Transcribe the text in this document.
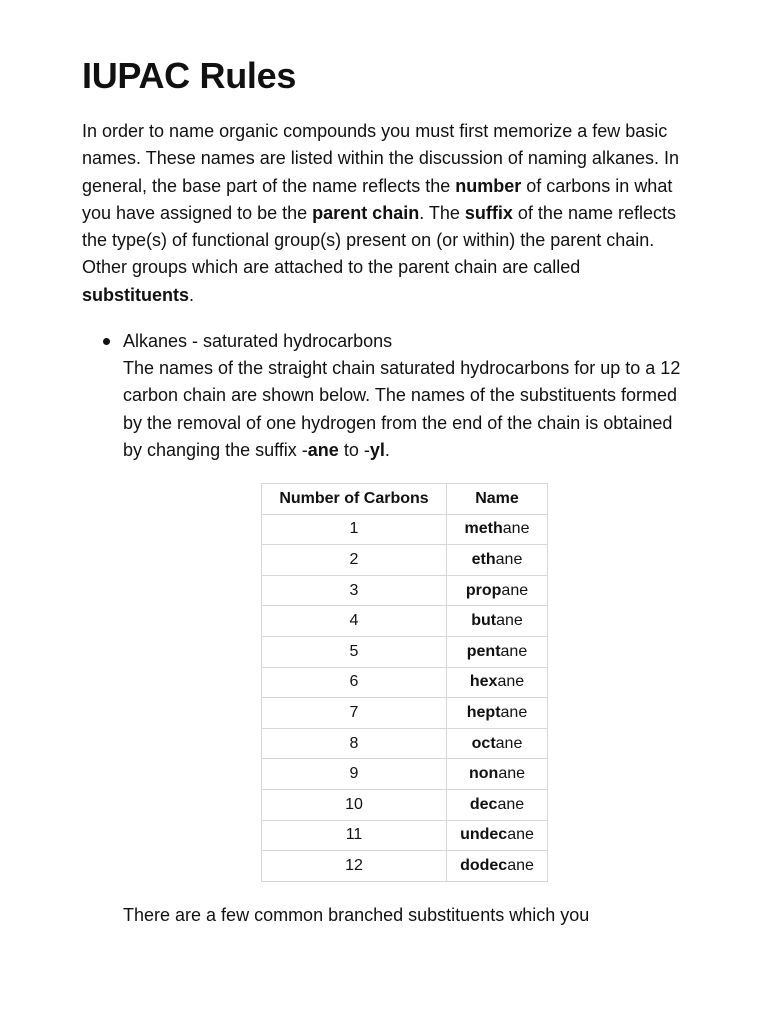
IUPAC Rules

In order to name organic compounds you must first memorize a few basic names. These names are listed within the discussion of naming alkanes. In general, the base part of the name reflects the number of carbons in what you have assigned to be the parent chain. The suffix of the name reflects the type(s) of functional group(s) present on (or within) the parent chain. Other groups which are attached to the parent chain are called substituents.

Alkanes - saturated hydrocarbons
The names of the straight chain saturated hydrocarbons for up to a 12 carbon chain are shown below. The names of the substituents formed by the removal of one hydrogen from the end of the chain is obtained by changing the suffix -ane to -yl.
Number of Carbons	Name
1	methane
2	ethane
3	propane
4	butane
5	pentane
6	hexane
7	heptane
8	octane
9	nonane
10	decane
11	undecane
12	dodecane

There are a few common branched substituents which you
